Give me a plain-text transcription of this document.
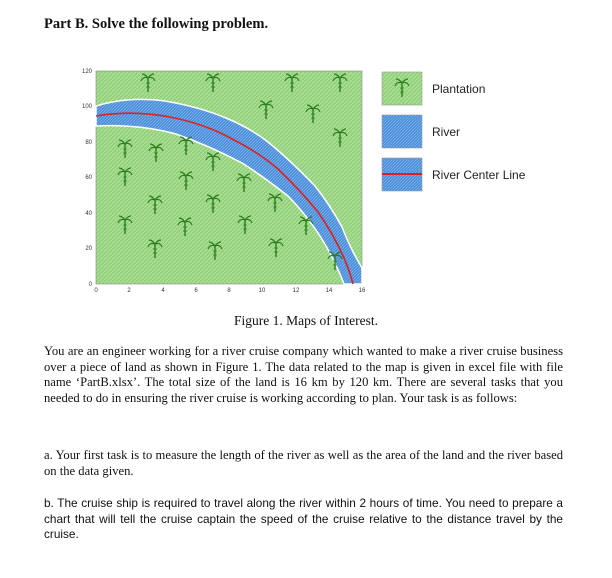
Part B. Solve the following problem.
0	2	4	6	8	10	12	14	16
0
20
40
60
80
100
120
Plantation
River
River Center Line
Figure 1. Maps of Interest.
You are an engineer working for a river cruise company which wanted to make a river cruise business over a piece of land as shown in Figure 1. The data related to the map is given in excel file with file name ‘PartB.xlsx’. The total size of the land is 16 km by 120 km. There are several tasks that you needed to do in ensuring the river cruise is working according to plan. Your task is as follows:
a. Your first task is to measure the length of the river as well as the area of the land and the river based on the data given.
b. The cruise ship is required to travel along the river within 2 hours of time. You need to prepare a chart that will tell the cruise captain the speed of the cruise relative to the distance travel by the cruise.
